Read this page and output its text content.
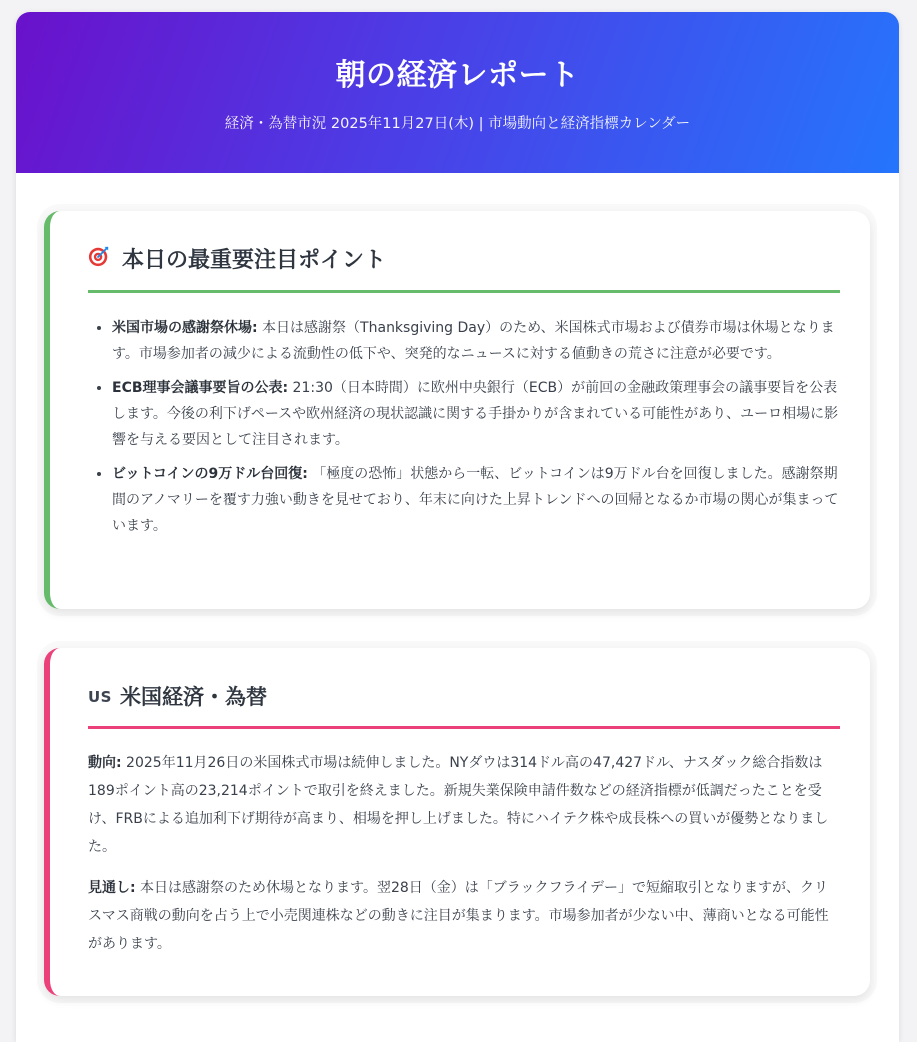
朝の経済レポート
経済・為替市況 2025年11月27日(木) | 市場動向と経済指標カレンダー
本日の最重要注目ポイント
• 米国市場の感謝祭休場: 本日は感謝祭（Thanksgiving Day）のため、米国株式市場および債券市場は休場となります。市場参加者の減少による流動性の低下や、突発的なニュースに対する値動きの荒さに注意が必要です。
• ECB理事会議事要旨の公表: 21:30（日本時間）に欧州中央銀行（ECB）が前回の金融政策理事会の議事要旨を公表します。今後の利下げペースや欧州経済の現状認識に関する手掛かりが含まれている可能性があり、ユーロ相場に影響を与える要因として注目されます。
• ビットコインの9万ドル台回復: 「極度の恐怖」状態から一転、ビットコインは9万ドル台を回復しました。感謝祭期間のアノマリーを覆す力強い動きを見せており、年末に向けた上昇トレンドへの回帰となるか市場の関心が集まっています。
US 米国経済・為替

動向: 2025年11月26日の米国株式市場は続伸しました。NYダウは314ドル高の47,427ドル、ナスダック総合指数は189ポイント高の23,214ポイントで取引を終えました。新規失業保険申請件数などの経済指標が低調だったことを受け、FRBによる追加利下げ期待が高まり、相場を押し上げました。特にハイテク株や成長株への買いが優勢となりました。

見通し: 本日は感謝祭のため休場となります。翌28日（金）は「ブラックフライデー」で短縮取引となりますが、クリスマス商戦の動向を占う上で小売関連株などの動きに注目が集まります。市場参加者が少ない中、薄商いとなる可能性があります。
